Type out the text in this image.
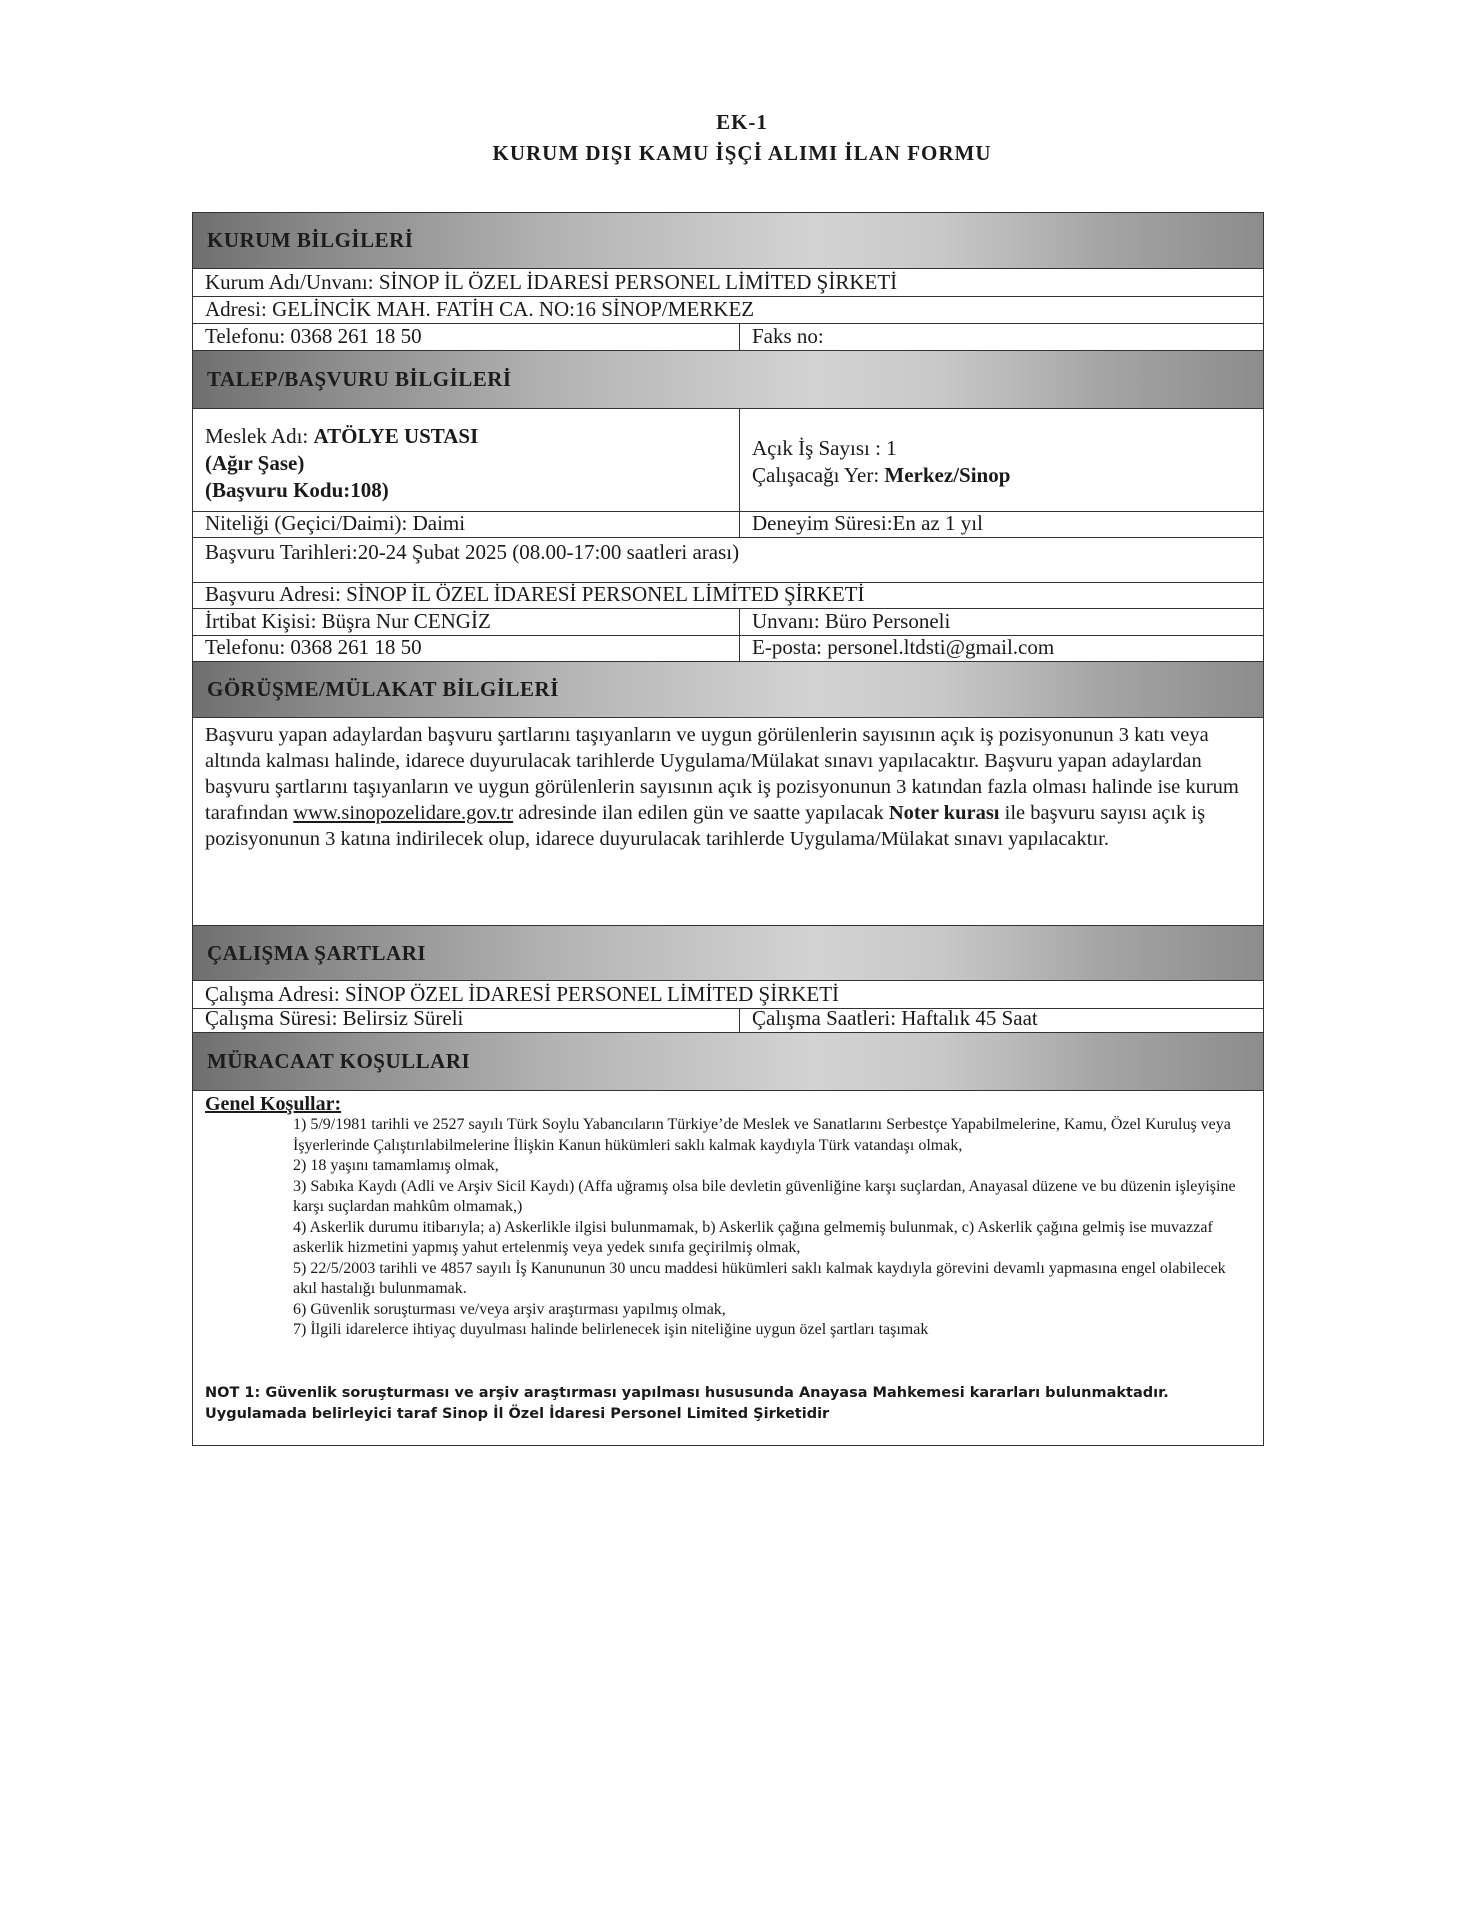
EK-1
KURUM DIŞI KAMU İŞÇİ ALIMI İLAN FORMU
KURUM BİLGİLERİ
Kurum Adı/Unvanı: SİNOP İL ÖZEL İDARESİ PERSONEL LİMİTED ŞİRKETİ
Adresi: GELİNCİK MAH. FATİH CA. NO:16 SİNOP/MERKEZ
Telefonu: 0368 261 18 50	Faks no:
TALEP/BAŞVURU BİLGİLERİ
Meslek Adı: ATÖLYE USTASI
(Ağır Şase)
(Başvuru Kodu:108)
Açık İş Sayısı : 1
Çalışacağı Yer: Merkez/Sinop
Niteliği (Geçici/Daimi): Daimi	Deneyim Süresi:En az 1 yıl
Başvuru Tarihleri:20-24 Şubat 2025 (08.00-17:00 saatleri arası)
Başvuru Adresi: SİNOP İL ÖZEL İDARESİ PERSONEL LİMİTED ŞİRKETİ
İrtibat Kişisi: Büşra Nur CENGİZ	Unvanı: Büro Personeli
Telefonu: 0368 261 18 50	E-posta: personel.ltdsti@gmail.com
GÖRÜŞME/MÜLAKAT BİLGİLERİ
Başvuru yapan adaylardan başvuru şartlarını taşıyanların ve uygun görülenlerin sayısının açık iş pozisyonunun 3 katı veya altında kalması halinde, idarece duyurulacak tarihlerde Uygulama/Mülakat sınavı yapılacaktır. Başvuru yapan adaylardan başvuru şartlarını taşıyanların ve uygun görülenlerin sayısının açık iş pozisyonunun 3 katından fazla olması halinde ise kurum tarafından www.sinopozelidare.gov.tr adresinde ilan edilen gün ve saatte yapılacak Noter kurası ile başvuru sayısı açık iş pozisyonunun 3 katına indirilecek olup, idarece duyurulacak tarihlerde Uygulama/Mülakat sınavı yapılacaktır.
ÇALIŞMA ŞARTLARI
Çalışma Adresi: SİNOP ÖZEL İDARESİ PERSONEL LİMİTED ŞİRKETİ
Çalışma Süresi: Belirsiz Süreli	Çalışma Saatleri: Haftalık 45 Saat
MÜRACAAT KOŞULLARI
Genel Koşullar:
1) 5/9/1981 tarihli ve 2527 sayılı Türk Soylu Yabancıların Türkiye’de Meslek ve Sanatlarını Serbestçe Yapabilmelerine, Kamu, Özel Kuruluş veya İşyerlerinde Çalıştırılabilmelerine İlişkin Kanun hükümleri saklı kalmak kaydıyla Türk vatandaşı olmak,
2) 18 yaşını tamamlamış olmak,
3) Sabıka Kaydı (Adli ve Arşiv Sicil Kaydı) (Affa uğramış olsa bile devletin güvenliğine karşı suçlardan, Anayasal düzene ve bu düzenin işleyişine karşı suçlardan mahkûm olmamak,)
4) Askerlik durumu itibarıyla; a) Askerlikle ilgisi bulunmamak, b) Askerlik çağına gelmemiş bulunmak, c) Askerlik çağına gelmiş ise muvazzaf askerlik hizmetini yapmış yahut ertelenmiş veya yedek sınıfa geçirilmiş olmak,
5) 22/5/2003 tarihli ve 4857 sayılı İş Kanununun 30 uncu maddesi hükümleri saklı kalmak kaydıyla görevini devamlı yapmasına engel olabilecek akıl hastalığı bulunmamak.
6) Güvenlik soruşturması ve/veya arşiv araştırması yapılmış olmak,
7) İlgili idarelerce ihtiyaç duyulması halinde belirlenecek işin niteliğine uygun özel şartları taşımak
NOT 1: Güvenlik soruşturması ve arşiv araştırması yapılması hususunda Anayasa Mahkemesi kararları bulunmaktadır. Uygulamada belirleyici taraf Sinop İl Özel İdaresi Personel Limited Şirketidir
